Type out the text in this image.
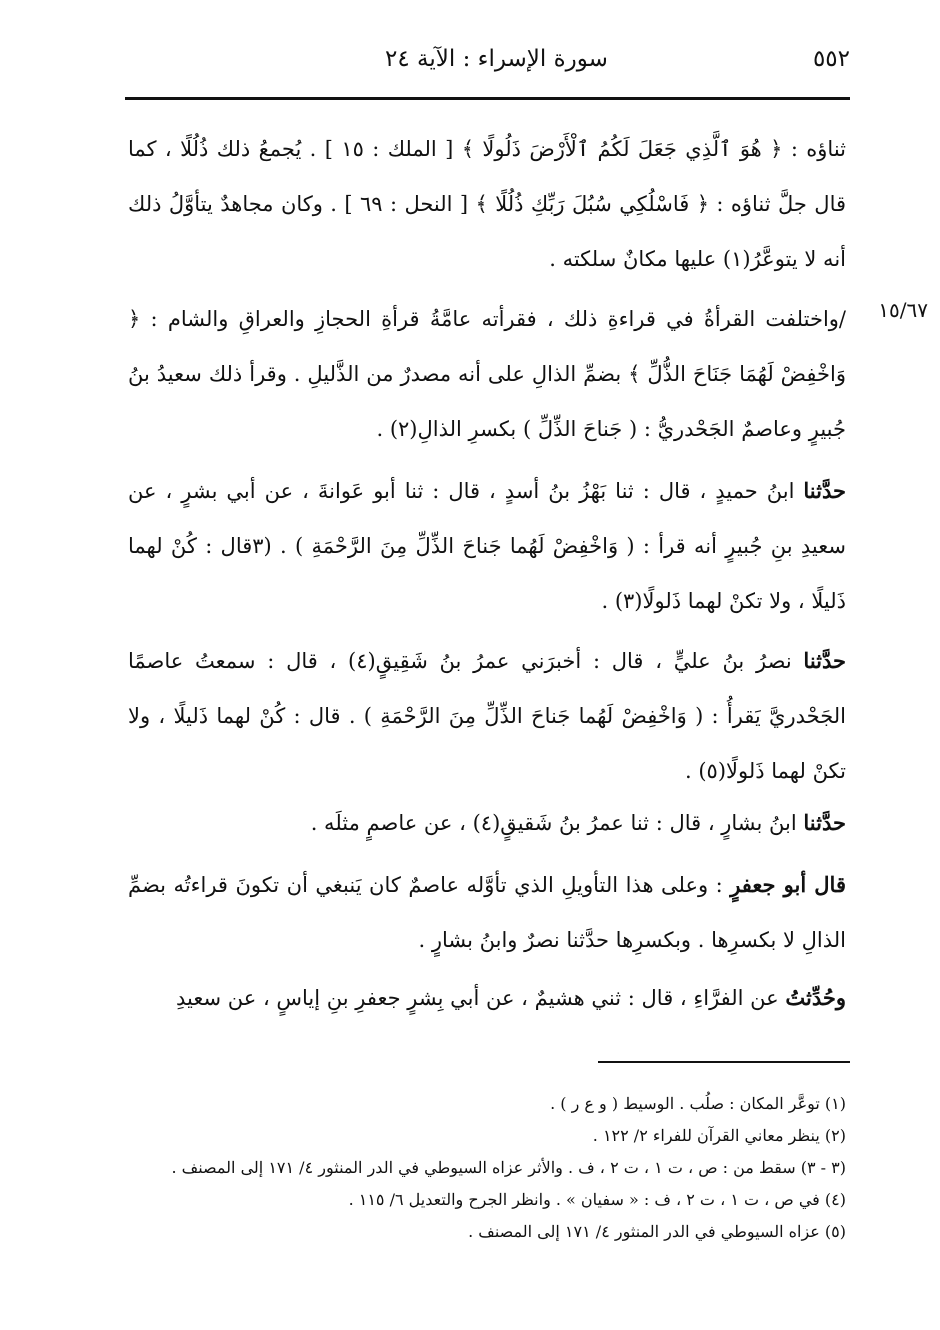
٥٥٢
سورة الإسراء : الآية ٢٤
١٥/٦٧
ثناؤه : ﴿ هُوَ ٱلَّذِي جَعَلَ لَكُمُ ٱلْأَرْضَ ذَلُولًا ﴾ [ الملك : ١٥ ] . يُجمعُ ذلك ذُلُلًا ، كما قال جلَّ ثناؤه : ﴿ فَاسْلُكِي سُبُلَ رَبِّكِ ذُلُلًا ﴾ [ النحل : ٦٩ ] . وكان مجاهدٌ يتأوَّلُ ذلك أنه لا يتوعَّرُ(١) عليها مكانٌ سلكته .
/واختلفت القرأةُ في قراءةِ ذلك ، فقرأته عامَّةُ قرأةِ الحجازِ والعراقِ والشام : ﴿ وَاخْفِضْ لَهُمَا جَنَاحَ الذُّلِّ ﴾ بضمِّ الذالِ على أنه مصدرٌ من الذَّليلِ . وقرأ ذلك سعيدُ بنُ جُبيرٍ وعاصمٌ الجَحْدريُّ : ( جَناحَ الذِّلِّ ) بكسرِ الذالِ(٢) .
حدَّثنا ابنُ حميدٍ ، قال : ثنا بَهْزُ بنُ أسدٍ ، قال : ثنا أبو عَوانةَ ، عن أبي بشرٍ ، عن سعيدِ بنِ جُبيرٍ أنه قرأ : ( وَاخْفِضْ لَهُما جَناحَ الذِّلِّ مِنَ الرَّحْمَةِ ) . (٣قال : كُنْ لهما ذَليلًا ، ولا تكنْ لهما ذَلولًا(٣) .
حدَّثنا نصرُ بنُ عليٍّ ، قال : أخبرَني عمرُ بنُ شَقِيقٍ(٤) ، قال : سمعتُ عاصمًا الجَحْدريَّ يَقرأُ : ( وَاخْفِضْ لَهُما جَناحَ الذِّلِّ مِنَ الرَّحْمَةِ ) . قال : كُنْ لهما ذَليلًا ، ولا تكنْ لهما ذَلولًا(٥) .
حدَّثنا ابنُ بشارٍ ، قال : ثنا عمرُ بنُ شَقيقٍ(٤) ، عن عاصمٍ مثلَه .
قال أبو جعفرٍ : وعلى هذا التأويلِ الذي تأوَّله عاصمٌ كان يَنبغي أن تكونَ قراءتُه بضمِّ الذالِ لا بكسرِها . وبكسرِها حدَّثنا نصرٌ وابنُ بشارٍ .
وحُدِّثتُ عن الفرَّاءِ ، قال : ثني هشيمٌ ، عن أبي بِشرٍ جعفرِ بنِ إياسٍ ، عن سعيدِ
(١) توعَّر المكان : صلُب . الوسيط ( و ع ر ) .
(٢) ينظر معاني القرآن للفراء ٢/ ١٢٢ .
(٣ - ٣) سقط من : ص ، ت ١ ، ت ٢ ، ف . والأثر عزاه السيوطي في الدر المنثور ٤/ ١٧١ إلى المصنف .
(٤) في ص ، ت ١ ، ت ٢ ، ف : « سفيان » . وانظر الجرح والتعديل ٦/ ١١٥ .
(٥) عزاه السيوطي في الدر المنثور ٤/ ١٧١ إلى المصنف .
